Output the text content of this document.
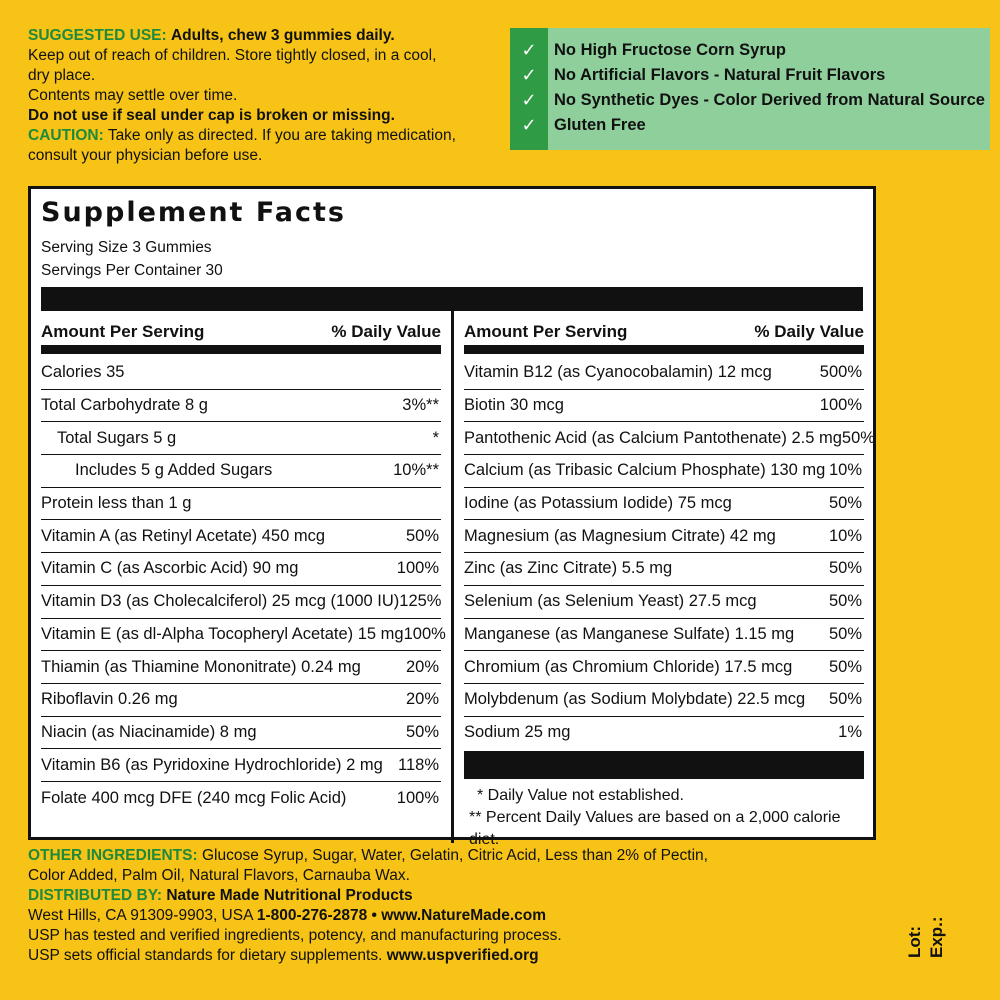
SUGGESTED USE: Adults, chew 3 gummies daily.
Keep out of reach of children. Store tightly closed, in a cool,
dry place.
Contents may settle over time.
Do not use if seal under cap is broken or missing.
CAUTION: Take only as directed. If you are taking medication,
consult your physician before use.
✓	No High Fructose Corn Syrup
✓	No Artificial Flavors - Natural Fruit Flavors
✓	No Synthetic Dyes - Color Derived from Natural Source
✓	Gluten Free
Supplement Facts
Serving Size 3 Gummies
Servings Per Container 30
Amount Per Serving	% Daily Value Amount Per Serving	% Daily Value
Calories 35
Total Carbohydrate 8 g	3%**
Total Sugars 5 g	*
Includes 5 g Added Sugars	10%**
Protein less than 1 g
Vitamin A (as Retinyl Acetate) 450 mcg	50%
Vitamin C (as Ascorbic Acid) 90 mg	100%
Vitamin D3 (as Cholecalciferol) 25 mcg (1000 IU) 125%
Vitamin E (as dl-Alpha Tocopheryl Acetate) 15 mg 100%
Thiamin (as Thiamine Mononitrate) 0.24 mg	20%
Riboflavin 0.26 mg	20%
Niacin (as Niacinamide) 8 mg	50%
Vitamin B6 (as Pyridoxine Hydrochloride) 2 mg 118%
Folate 400 mcg DFE (240 mcg Folic Acid)	100%
Vitamin B12 (as Cyanocobalamin) 12 mcg	500%
Biotin 30 mcg	100%
Pantothenic Acid (as Calcium Pantothenate) 2.5 mg 50%
Calcium (as Tribasic Calcium Phosphate) 130 mg 10%
Iodine (as Potassium Iodide) 75 mcg	50%
Magnesium (as Magnesium Citrate) 42 mg	10%
Zinc (as Zinc Citrate) 5.5 mg	50%
Selenium (as Selenium Yeast) 27.5 mcg	50%
Manganese (as Manganese Sulfate) 1.15 mg 50%
Chromium (as Chromium Chloride) 17.5 mcg 50%
Molybdenum (as Sodium Molybdate) 22.5 mcg 50%
Sodium 25 mg	1%
* Daily Value not established.
** Percent Daily Values are based on a 2,000 calorie diet.
OTHER INGREDIENTS: Glucose Syrup, Sugar, Water, Gelatin, Citric Acid, Less than 2% of Pectin,
Color Added, Palm Oil, Natural Flavors, Carnauba Wax.
DISTRIBUTED BY: Nature Made Nutritional Products
West Hills, CA 91309-9903, USA 1-800-276-2878 • www.NatureMade.com
USP has tested and verified ingredients, potency, and manufacturing process.
USP sets official standards for dietary supplements. www.uspverified.org	Lot: Exp.:
